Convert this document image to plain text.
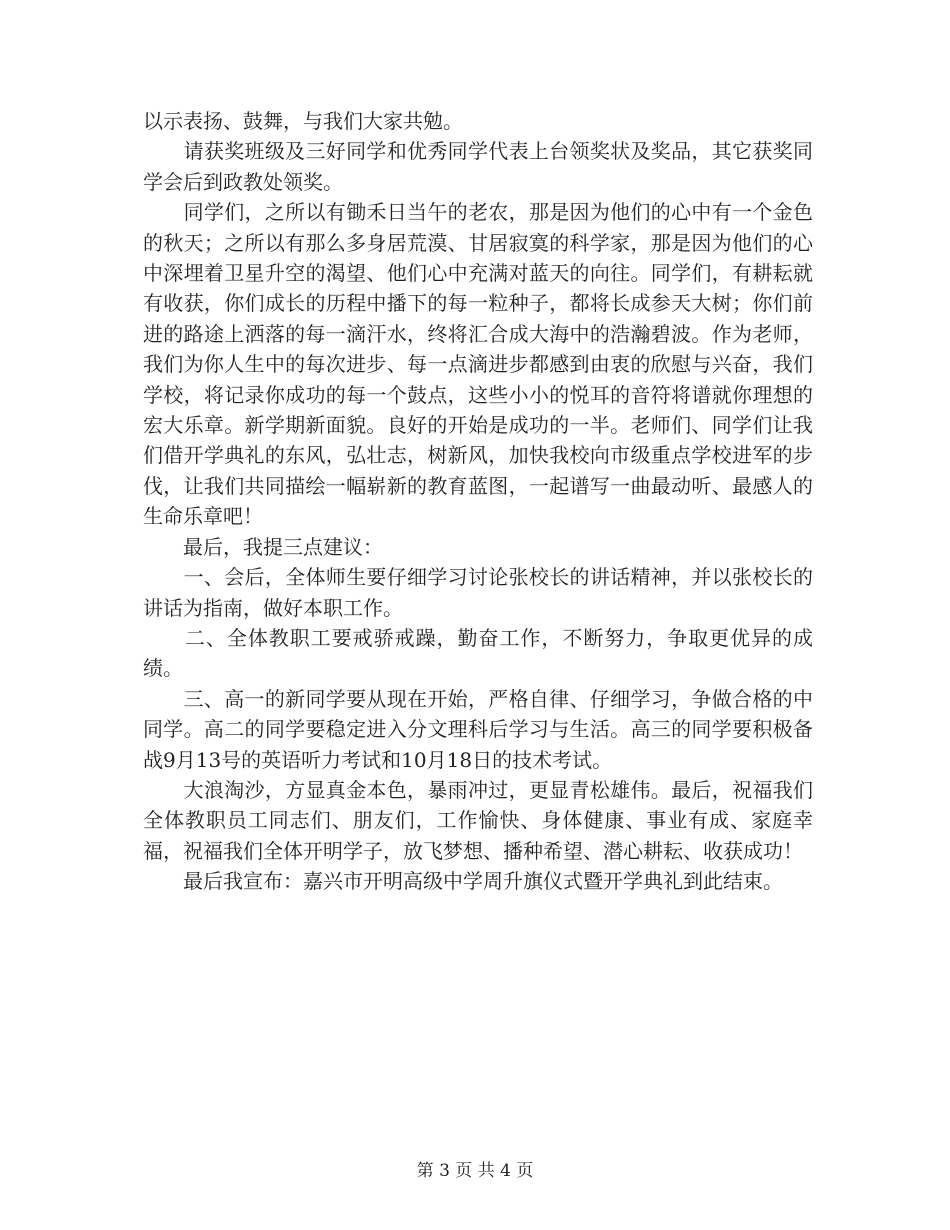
以示表扬、鼓舞，与我们大家共勉。

　　请获奖班级及三好同学和优秀同学代表上台领奖状及奖品，其它获奖同学会后到政教处领奖。

　　同学们，之所以有锄禾日当午的老农，那是因为他们的心中有一个金色的秋天；之所以有那么多身居荒漠、甘居寂寞的科学家，那是因为他们的心中深埋着卫星升空的渴望、他们心中充满对蓝天的向往。同学们，有耕耘就有收获，你们成长的历程中播下的每一粒种子，都将长成参天大树；你们前进的路途上洒落的每一滴汗水，终将汇合成大海中的浩瀚碧波。作为老师，我们为你人生中的每次进步、每一点滴进步都感到由衷的欣慰与兴奋，我们学校，将记录你成功的每一个鼓点，这些小小的悦耳的音符将谱就你理想的宏大乐章。新学期新面貌。良好的开始是成功的一半。老师们、同学们让我们借开学典礼的东风，弘壮志，树新风，加快我校向市级重点学校进军的步伐，让我们共同描绘一幅崭新的教育蓝图，一起谱写一曲最动听、最感人的生命乐章吧！

　　最后，我提三点建议：

　　一、会后，全体师生要仔细学习讨论张校长的讲话精神，并以张校长的讲话为指南，做好本职工作。

　　二、全体教职工要戒骄戒躁，勤奋工作，不断努力，争取更优异的成绩。

　　三、高一的新同学要从现在开始，严格自律、仔细学习，争做合格的中同学。高二的同学要稳定进入分文理科后学习与生活。高三的同学要积极备战9月13号的英语听力考试和10月18日的技术考试。

　　大浪淘沙，方显真金本色，暴雨冲过，更显青松雄伟。最后，祝福我们全体教职员工同志们、朋友们，工作愉快、身体健康、事业有成、家庭幸福，祝福我们全体开明学子，放飞梦想、播种希望、潜心耕耘、收获成功！

　　最后我宣布：嘉兴市开明高级中学周升旗仪式暨开学典礼到此结束。

第 3 页 共 4 页
